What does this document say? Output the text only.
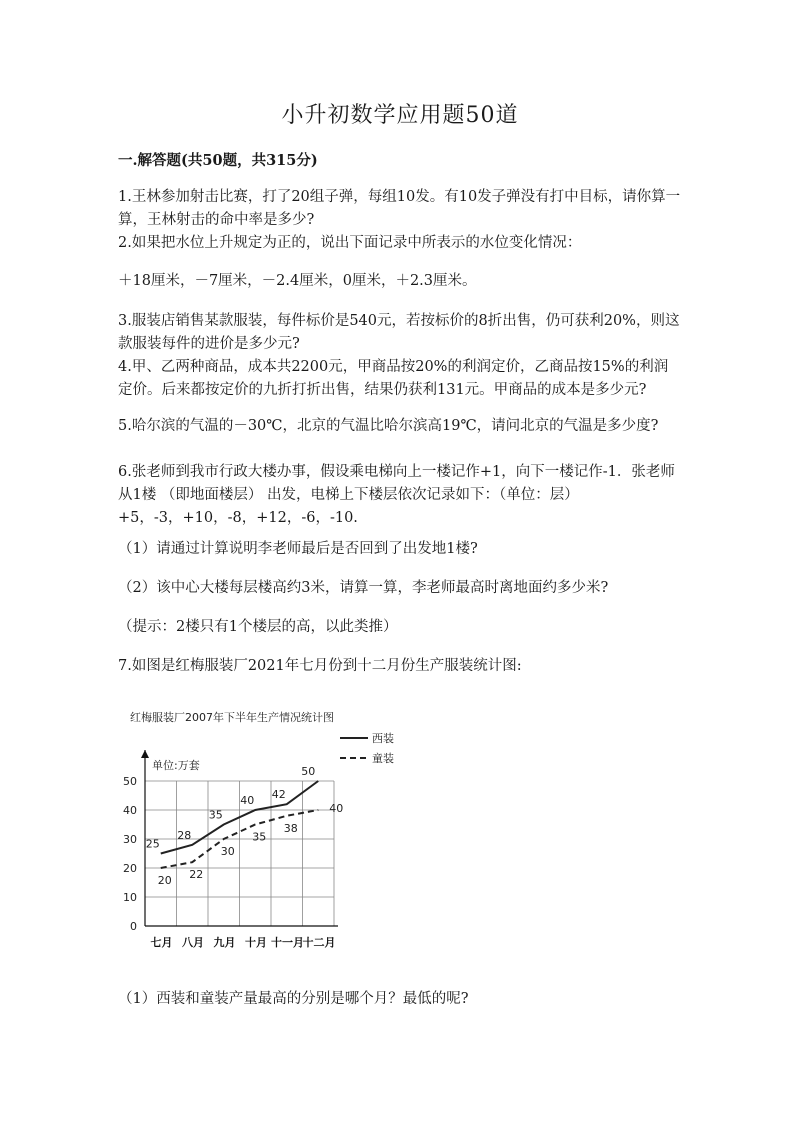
小升初数学应用题50道
一.解答题(共50题，共315分)
1.王林参加射击比赛，打了20组子弹，每组10发。有10发子弹没有打中目标，请你算一算，王林射击的命中率是多少?
2.如果把水位上升规定为正的，说出下面记录中所表示的水位变化情况：
＋18厘米，－7厘米，－2.4厘米，0厘米，＋2.3厘米。
3.服装店销售某款服装，每件标价是540元，若按标价的8折出售，仍可获利20%，则这款服装每件的进价是多少元?
4.甲、乙两种商品，成本共2200元，甲商品按20%的利润定价，乙商品按15%的利润定价。后来都按定价的九折打折出售，结果仍获利131元。甲商品的成本是多少元?
5.哈尔滨的气温的－30℃，北京的气温比哈尔滨高19℃，请问北京的气温是多少度?
6.张老师到我市行政大楼办事，假设乘电梯向上一楼记作+1，向下一楼记作-1．张老师从1楼 （即地面楼层） 出发，电梯上下楼层依次记录如下：（单位：层）+5，-3，+10，-8，+12，-6，-10.
（1）请通过计算说明李老师最后是否回到了出发地1楼?
（2）该中心大楼每层楼高约3米，请算一算，李老师最高时离地面约多少米?
（提示：2楼只有1个楼层的高，以此类推）
7.如图是红梅服装厂2021年七月份到十二月份生产服装统计图:
红梅服装厂2007年下半年生产情况统计图
0
10
20
30
40
50
七月 八月 九月 十月 十一月
十二月
25
28
35
40 42
50
20 22
30
35
38
40
西装
童装
单位:万套
（1）西装和童装产量最高的分别是哪个月？最低的呢?
